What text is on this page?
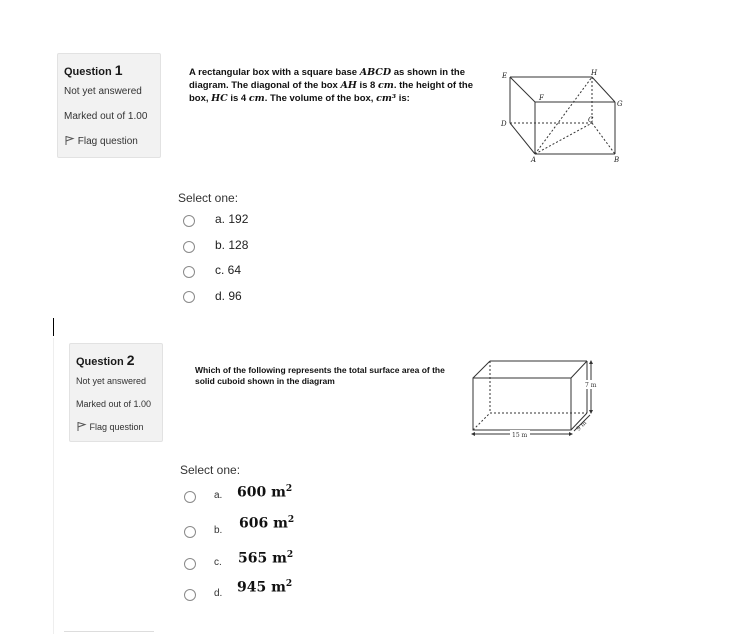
Question 1
Not yet answered
Marked out of 1.00
Flag question
A rectangular box with a square base ABCD as shown in the diagram. The diagonal of the box AH is 8 cm. the height of the box, HC is 4 cm. The volume of the box, cm³ is:
E	H
F
G
D	C
A	B
Select one:
a. 192
b. 128
c. 64
d. 96
Question 2
Not yet answered
Marked out of 1.00
Flag question
Which of the following represents the total surface area of the solid cuboid shown in the diagram	7 m
15 m
9 m
Select one:
a. 600 $m^2$
b. 606 $m^2$
c. 565 $m^2$
d. 945 $m^2$
